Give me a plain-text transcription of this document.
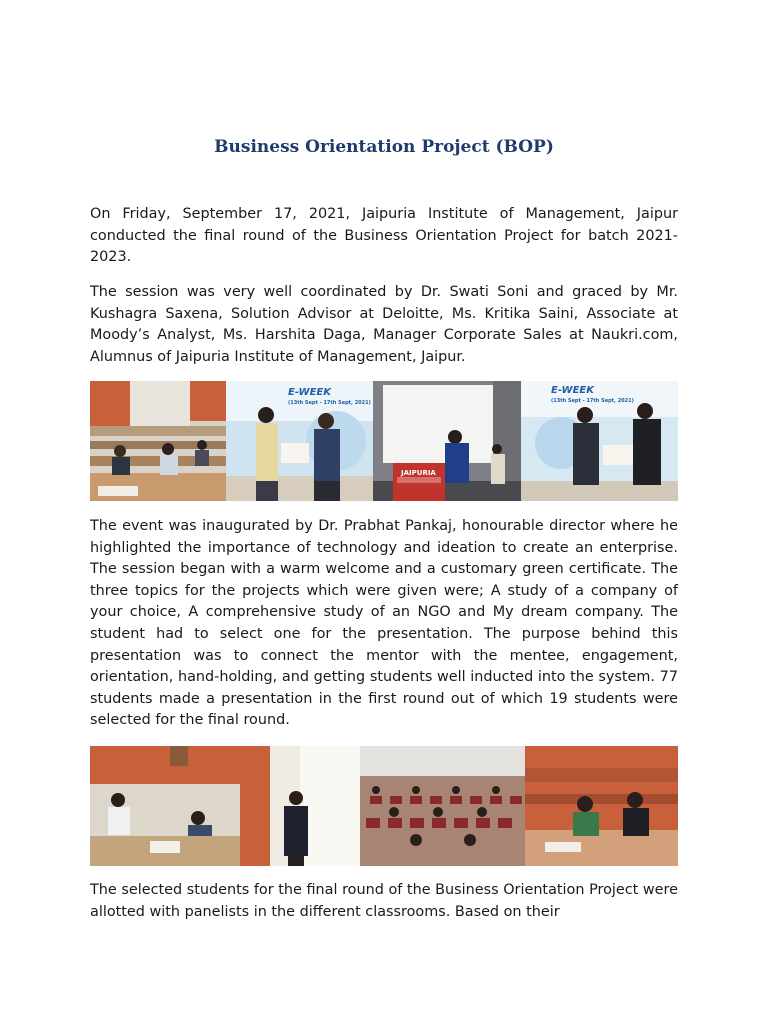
Business Orientation Project (BOP)

On Friday, September 17, 2021, Jaipuria Institute of Management, Jaipur conducted the final round of the Business Orientation Project for batch 2021-2023.

The session was very well coordinated by Dr. Swati Soni and graced by Mr. Kushagra Saxena, Solution Advisor at Deloitte, Ms. Kritika Saini, Associate at Moody’s Analyst, Ms. Harshita Daga, Manager Corporate Sales at Naukri.com, Alumnus of Jaipuria Institute of Management, Jaipur.

E-WEEK
(13th Sept - 17th Sept, 2021)
JAIPURIA
E-WEEK
(13th Sept - 17th Sept, 2021)

The event was inaugurated by Dr. Prabhat Pankaj, honourable director where he highlighted the importance of technology and ideation to create an enterprise. The session began with a warm welcome and a customary green certificate. The three topics for the projects which were given were; A study of a company of your choice, A comprehensive study of an NGO and My dream company. The student had to select one for the presentation. The purpose behind this presentation was to connect the mentor with the mentee, engagement, orientation, hand-holding, and getting students well inducted into the system. 77 students made a presentation in the first round out of which 19 students were selected for the final round.

The selected students for the final round of the Business Orientation Project were allotted with panelists in the different classrooms. Based on their
